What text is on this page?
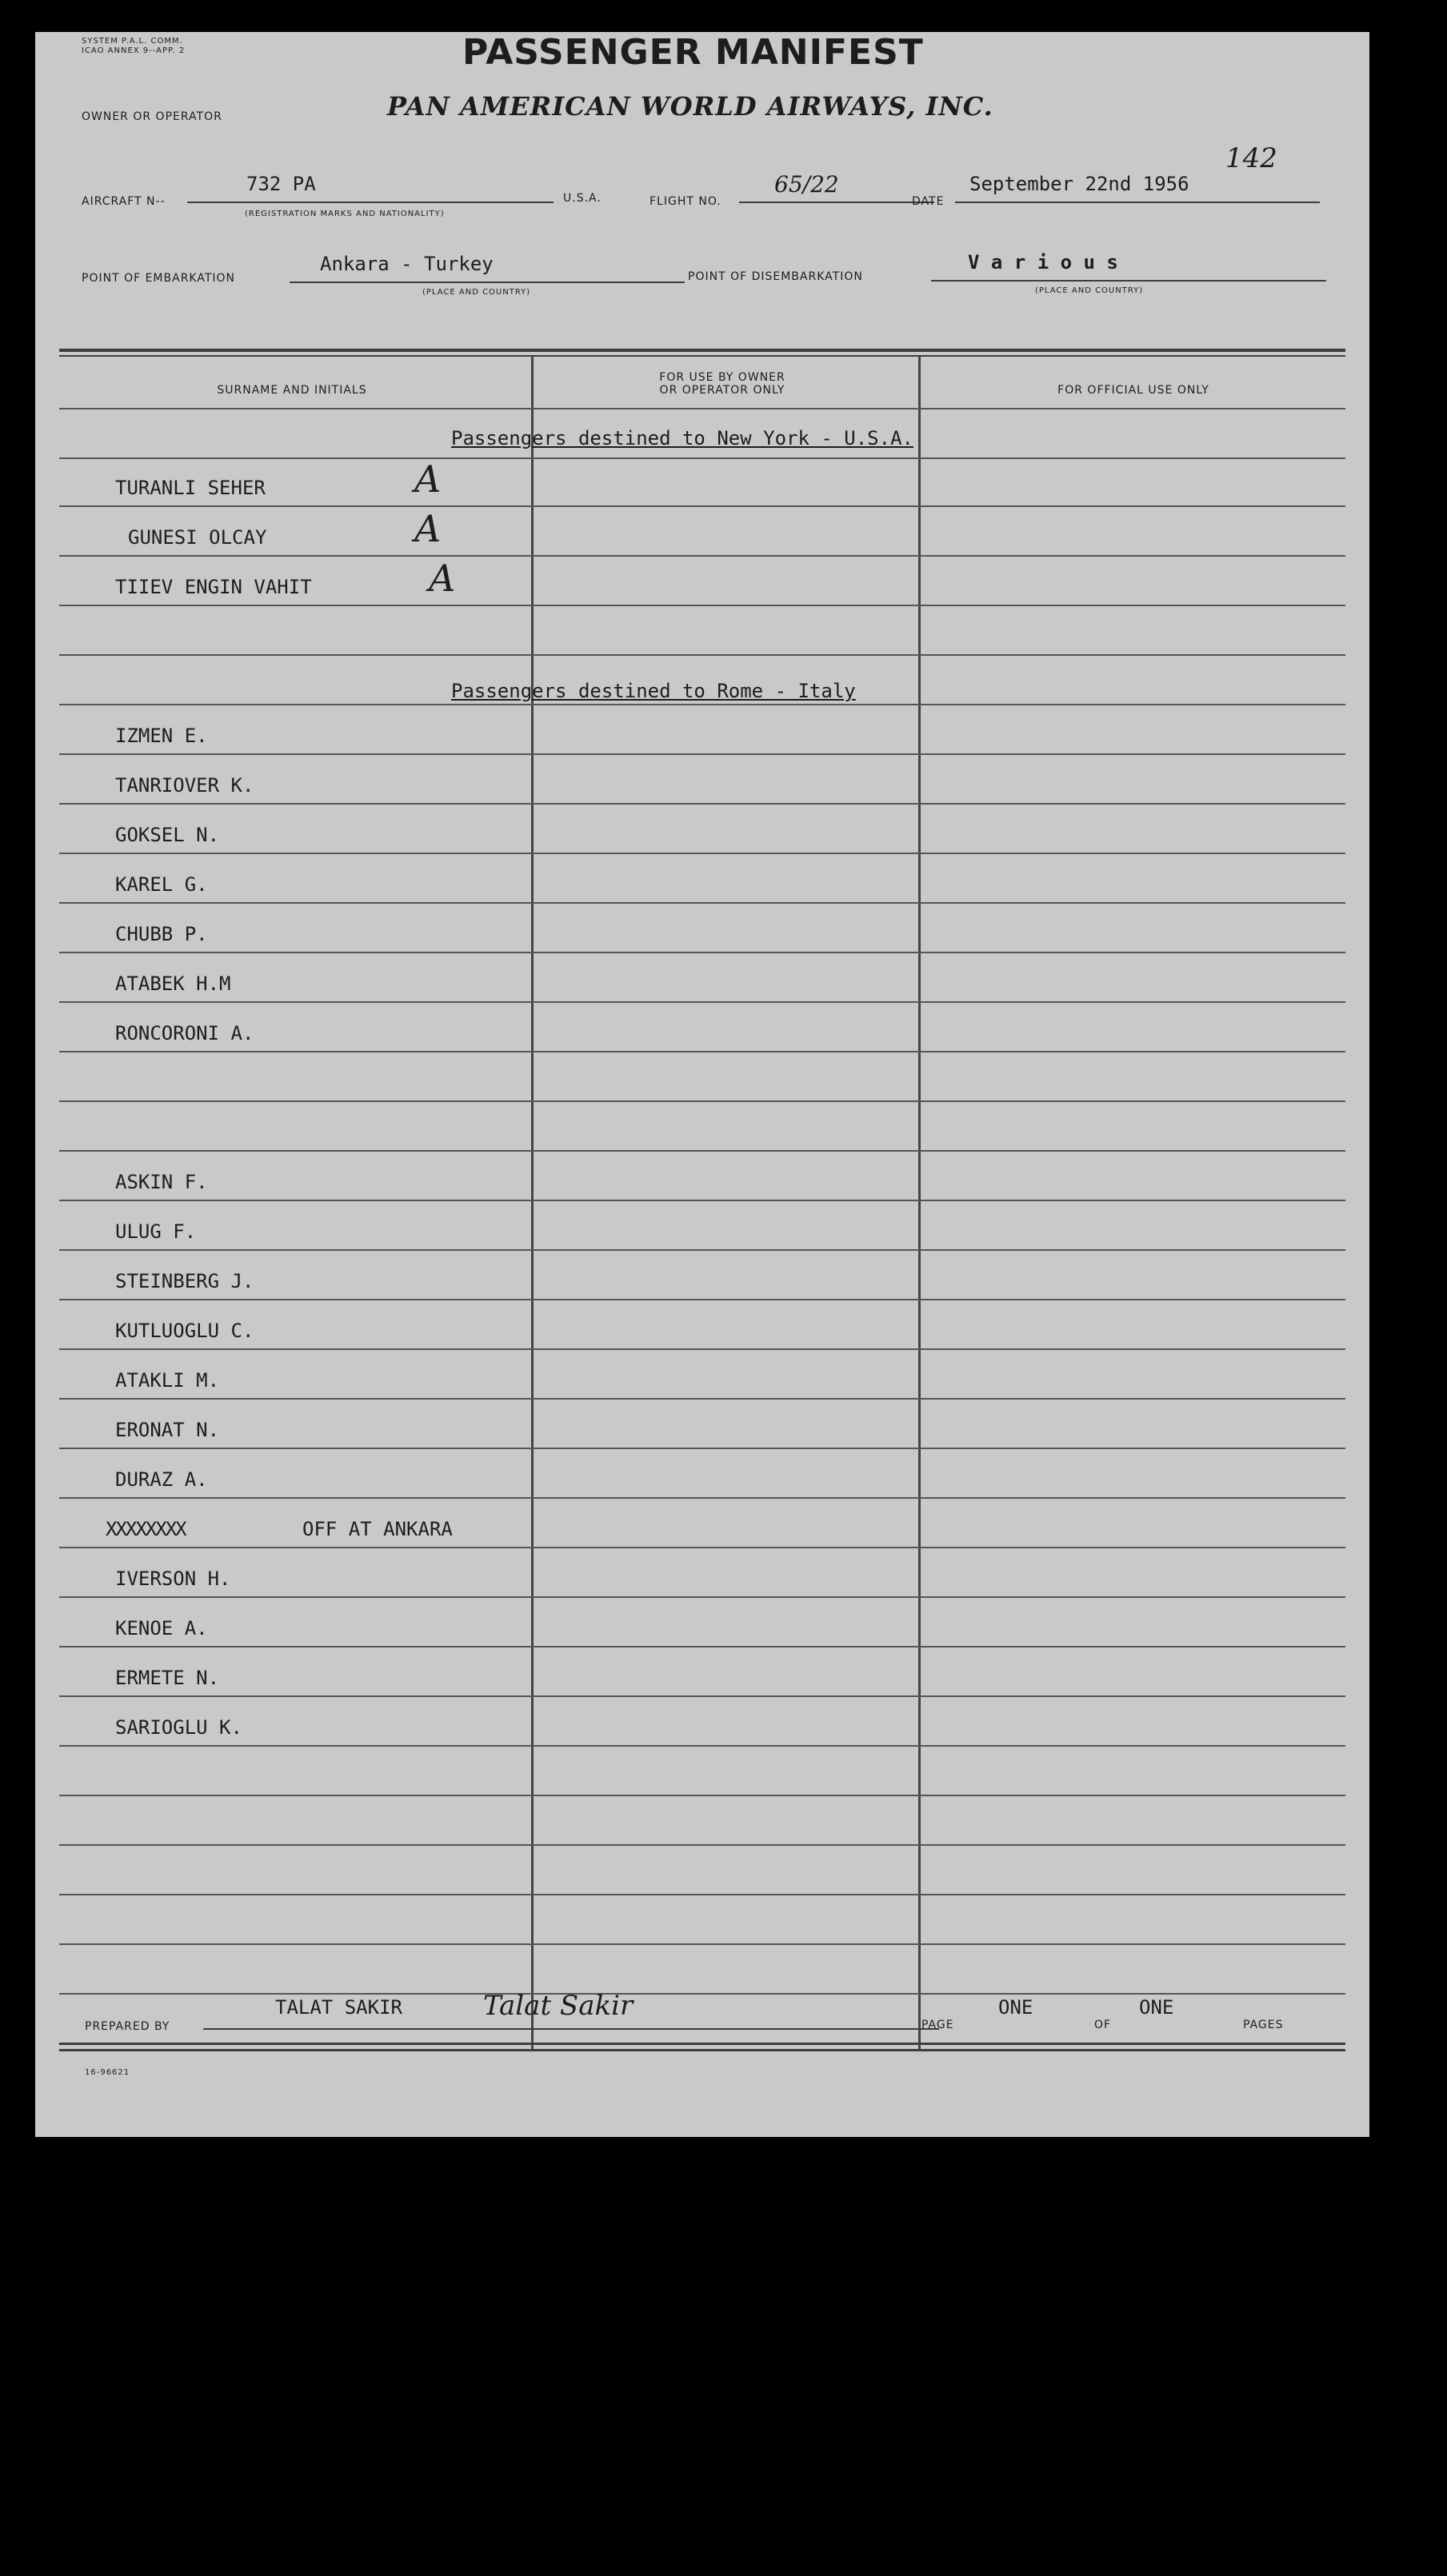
SYSTEM P.A.L. COMM. ICAO ANNEX 9--APP. 2	PASSENGER MANIFEST
OWNER OR OPERATOR	PAN AMERICAN WORLD AIRWAYS, INC.
AIRCRAFT N--
732 PA
(REGISTRATION MARKS AND NATIONALITY)
U.S.A.	FLIGHT NO.
65/22
DATE
September 22nd 1956
142
POINT OF EMBARKATION
Ankara - Turkey
(PLACE AND COUNTRY)
POINT OF DISEMBARKATION
V a r i o u s
(PLACE AND COUNTRY)
SURNAME AND INITIALS
FOR USE BY OWNER OR OPERATOR ONLY	FOR OFFICIAL USE ONLY
Passengers destined to New York - U.S.A.
TURANLI SEHER	A
GUNESI OLCAY	A
TIIEV ENGIN VAHIT	A
Passengers destined to Rome - Italy
IZMEN E.
TANRIOVER K.
GOKSEL N.
KAREL G.
CHUBB P.
ATABEK H.M
RONCORONI A.
ASKIN F.
ULUG F.
STEINBERG J.
KUTLUOGLU C.
ATAKLI M.
ERONAT N.
DURAZ A.
XXXXXXXX	OFF AT ANKARA
IVERSON H.
KENOE A.
ERMETE N.
SARIOGLU K.
PREPARED BY
TALAT SAKIR	Talat Sakir
PAGE
ONE
OF
ONE
PAGES
16-96621
